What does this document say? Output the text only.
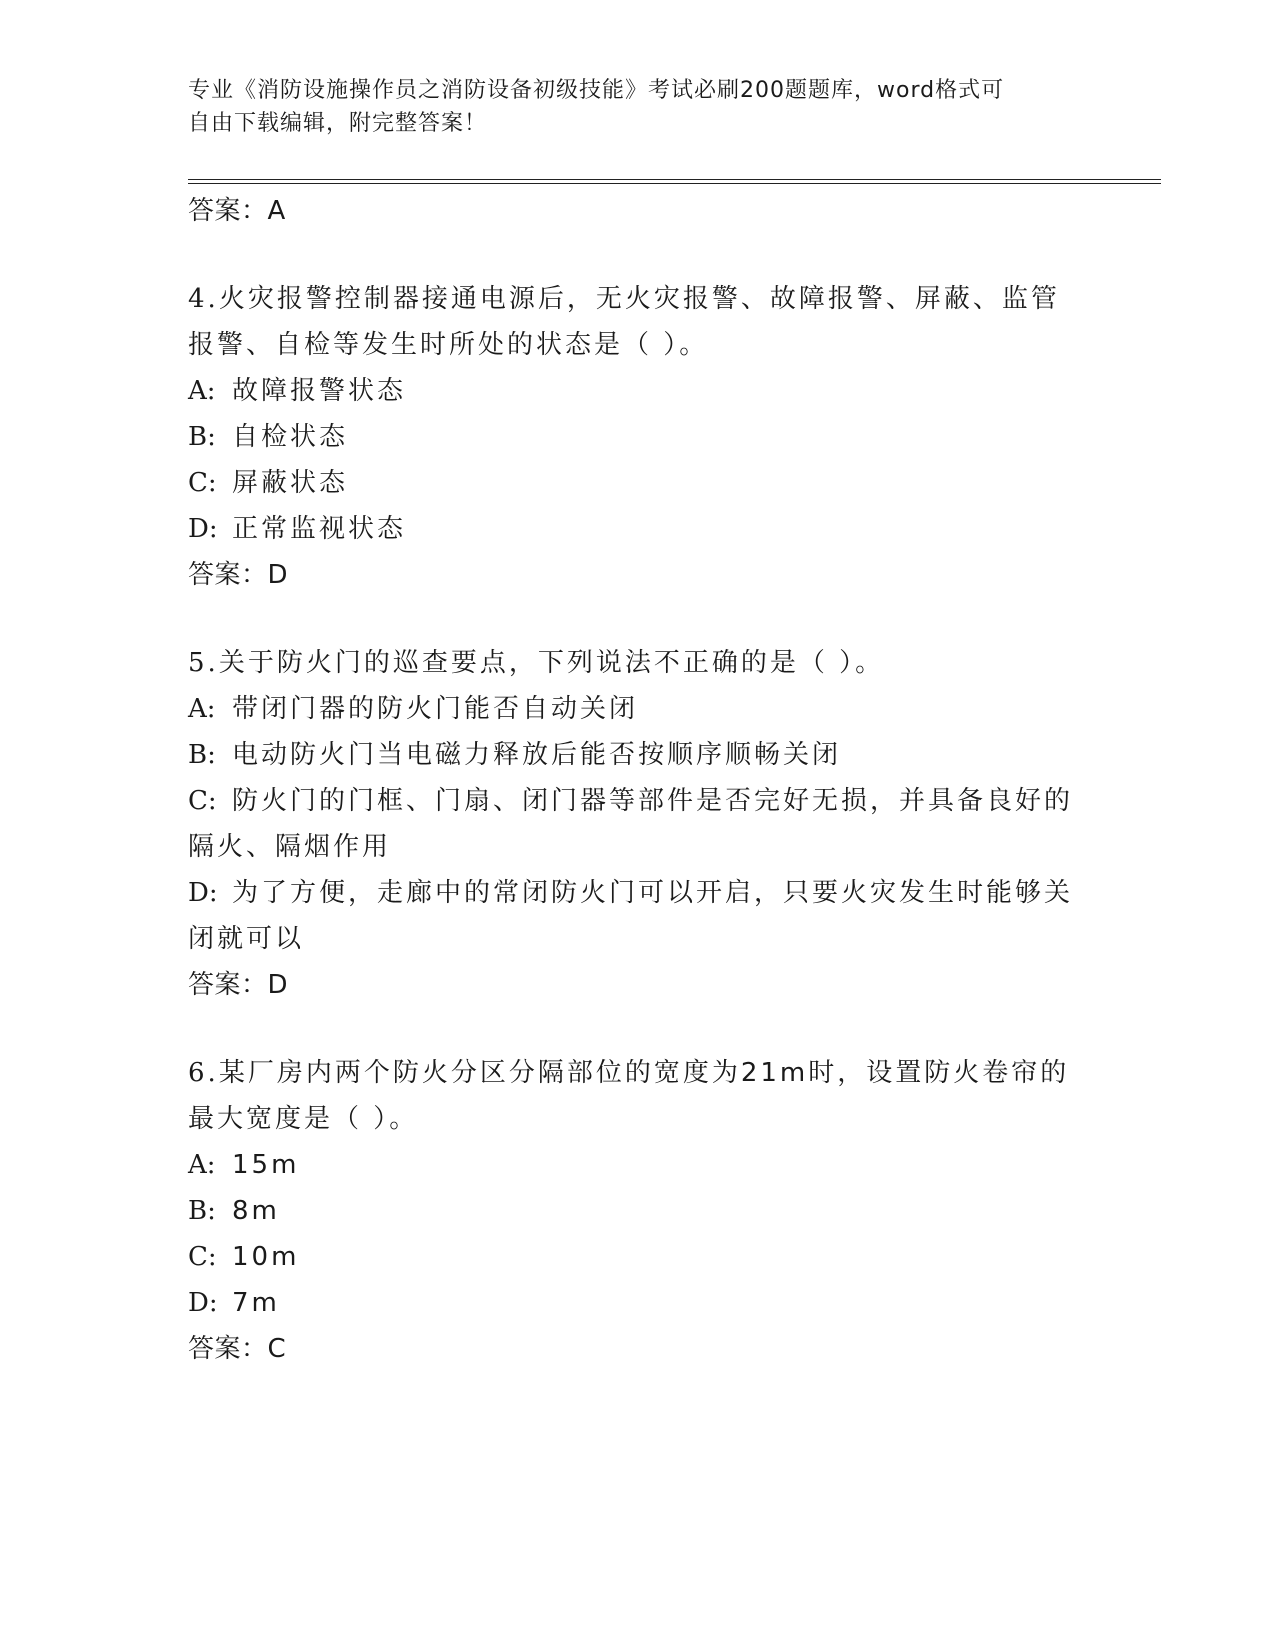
专业《消防设施操作员之消防设备初级技能》考试必刷200题题库，word格式可
自由下载编辑，附完整答案！
答案：A
4.火灾报警控制器接通电源后，无火灾报警、故障报警、屏蔽、监管
报警、自检等发生时所处的状态是（ ）。
A: 故障报警状态
B: 自检状态
C: 屏蔽状态
D: 正常监视状态
答案：D
5.关于防火门的巡查要点，下列说法不正确的是（ ）。
A: 带闭门器的防火门能否自动关闭
B: 电动防火门当电磁力释放后能否按顺序顺畅关闭
C: 防火门的门框、门扇、闭门器等部件是否完好无损，并具备良好的
隔火、隔烟作用
D: 为了方便，走廊中的常闭防火门可以开启，只要火灾发生时能够关
闭就可以
答案：D
6.某厂房内两个防火分区分隔部位的宽度为21m时，设置防火卷帘的
最大宽度是（ ）。
A: 15m
B: 8m
C: 10m
D: 7m
答案：C
